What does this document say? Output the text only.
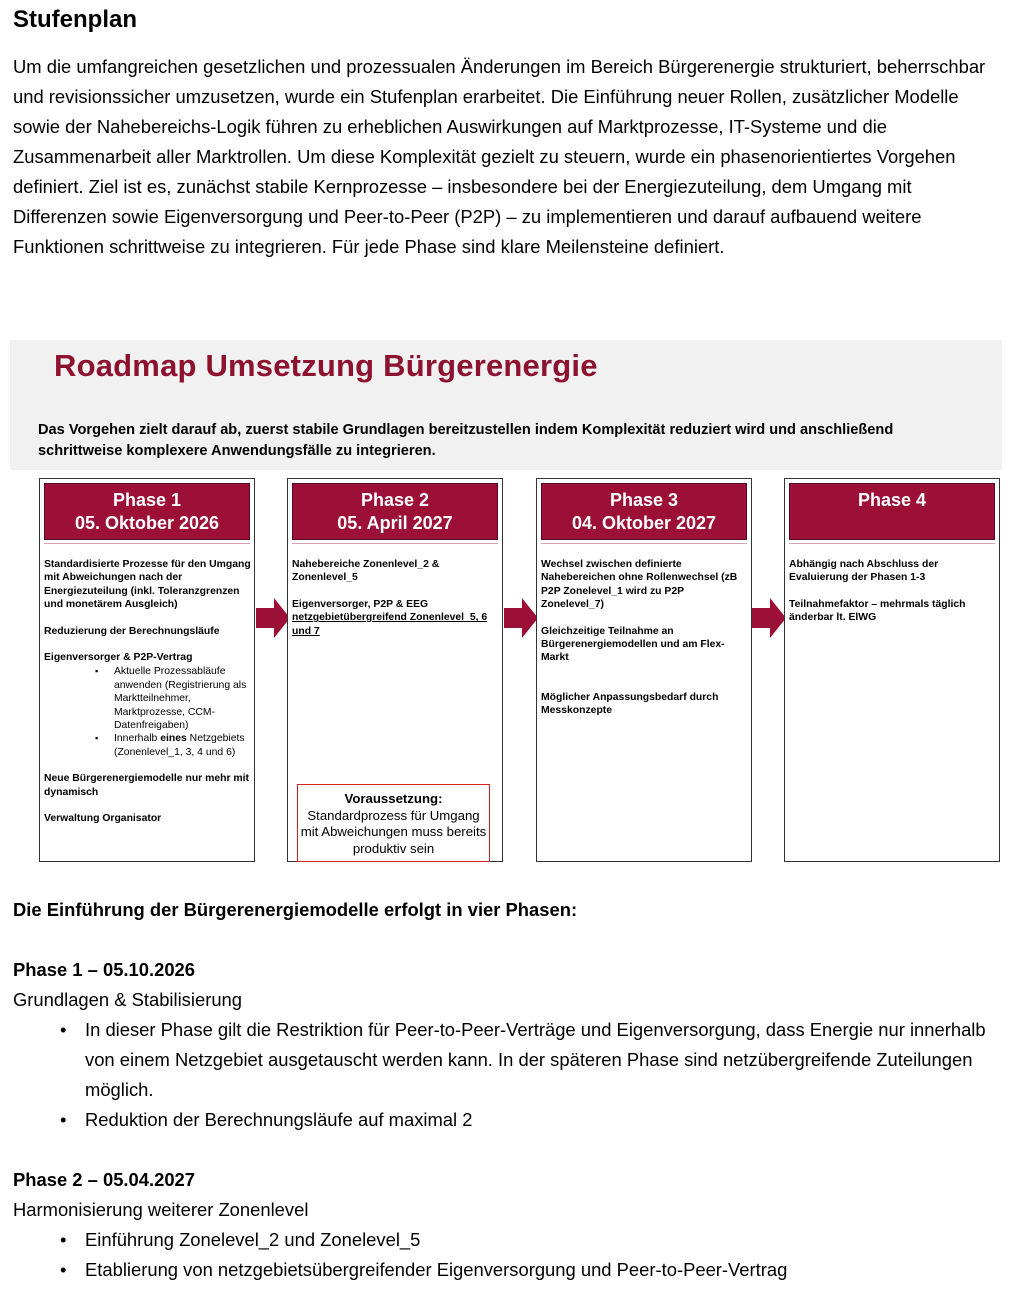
Stufenplan

Um die umfangreichen gesetzlichen und prozessualen Änderungen im Bereich Bürgerenergie strukturiert, beherrschbar und revisionssicher umzusetzen, wurde ein Stufenplan erarbeitet. Die Einführung neuer Rollen, zusätzlicher Modelle sowie der Nahebereichs-Logik führen zu erheblichen Auswirkungen auf Marktprozesse, IT-Systeme und die Zusammenarbeit aller Marktrollen. Um diese Komplexität gezielt zu steuern, wurde ein phasenorientiertes Vorgehen definiert. Ziel ist es, zunächst stabile Kernprozesse – insbesondere bei der Energiezuteilung, dem Umgang mit Differenzen sowie Eigenversorgung und Peer-to-Peer (P2P) – zu implementieren und darauf aufbauend weitere Funktionen schrittweise zu integrieren. Für jede Phase sind klare Meilensteine definiert.

Roadmap Umsetzung Bürgerenergie
Das Vorgehen zielt darauf ab, zuerst stabile Grundlagen bereitzustellen indem Komplexität reduziert wird und anschließend schrittweise komplexere Anwendungsfälle zu integrieren.
Phase 1
05. Oktober 2026

Standardisierte Prozesse für den Umgang mit Abweichungen nach der Energiezuteilung (inkl. Toleranzgrenzen und monetärem Ausgleich)

Reduzierung der Berechnungsläufe

Eigenversorger & P2P-Vertrag

▪ Aktuelle Prozessabläufe anwenden (Registrierung als Marktteilnehmer, Marktprozesse, CCM-Datenfreigaben)
▪ Innerhalb eines Netzgebiets (Zonenlevel_1, 3, 4 und 6)

Neue Bürgerenergiemodelle nur mehr mit dynamisch

Verwaltung Organisator

Phase 2
05. April 2027

Nahebereiche Zonenlevel_2 & Zonenlevel_5

Eigenversorger, P2P & EEG

netzgebietübergreifend Zonenlevel_5, 6 und 7

Voraussetzung:
Standardprozess für Umgang mit Abweichungen muss bereits produktiv sein
Phase 3
04. Oktober 2027

Wechsel zwischen definierte Nahebereichen ohne Rollenwechsel (zB P2P Zonelevel_1 wird zu P2P Zonelevel_7)

Gleichzeitige Teilnahme an Bürgerenergiemodellen und am Flex-Markt

Möglicher Anpassungsbedarf durch Messkonzepte

Phase 4

Abhängig nach Abschluss der Evaluierung der Phasen 1-3

Teilnahmefaktor – mehrmals täglich änderbar lt. ElWG

Die Einführung der Bürgerenergiemodelle erfolgt in vier Phasen:
Phase 1 – 05.10.2026
Grundlagen & Stabilisierung
• In dieser Phase gilt die Restriktion für Peer-to-Peer-Verträge und Eigenversorgung, dass Energie nur innerhalb von einem Netzgebiet ausgetauscht werden kann. In der späteren Phase sind netzübergreifende Zuteilungen möglich.
• Reduktion der Berechnungsläufe auf maximal 2
Phase 2 – 05.04.2027
Harmonisierung weiterer Zonenlevel
• Einführung Zonelevel_2 und Zonelevel_5
• Etablierung von netzgebietsübergreifender Eigenversorgung und Peer-to-Peer-Vertrag
